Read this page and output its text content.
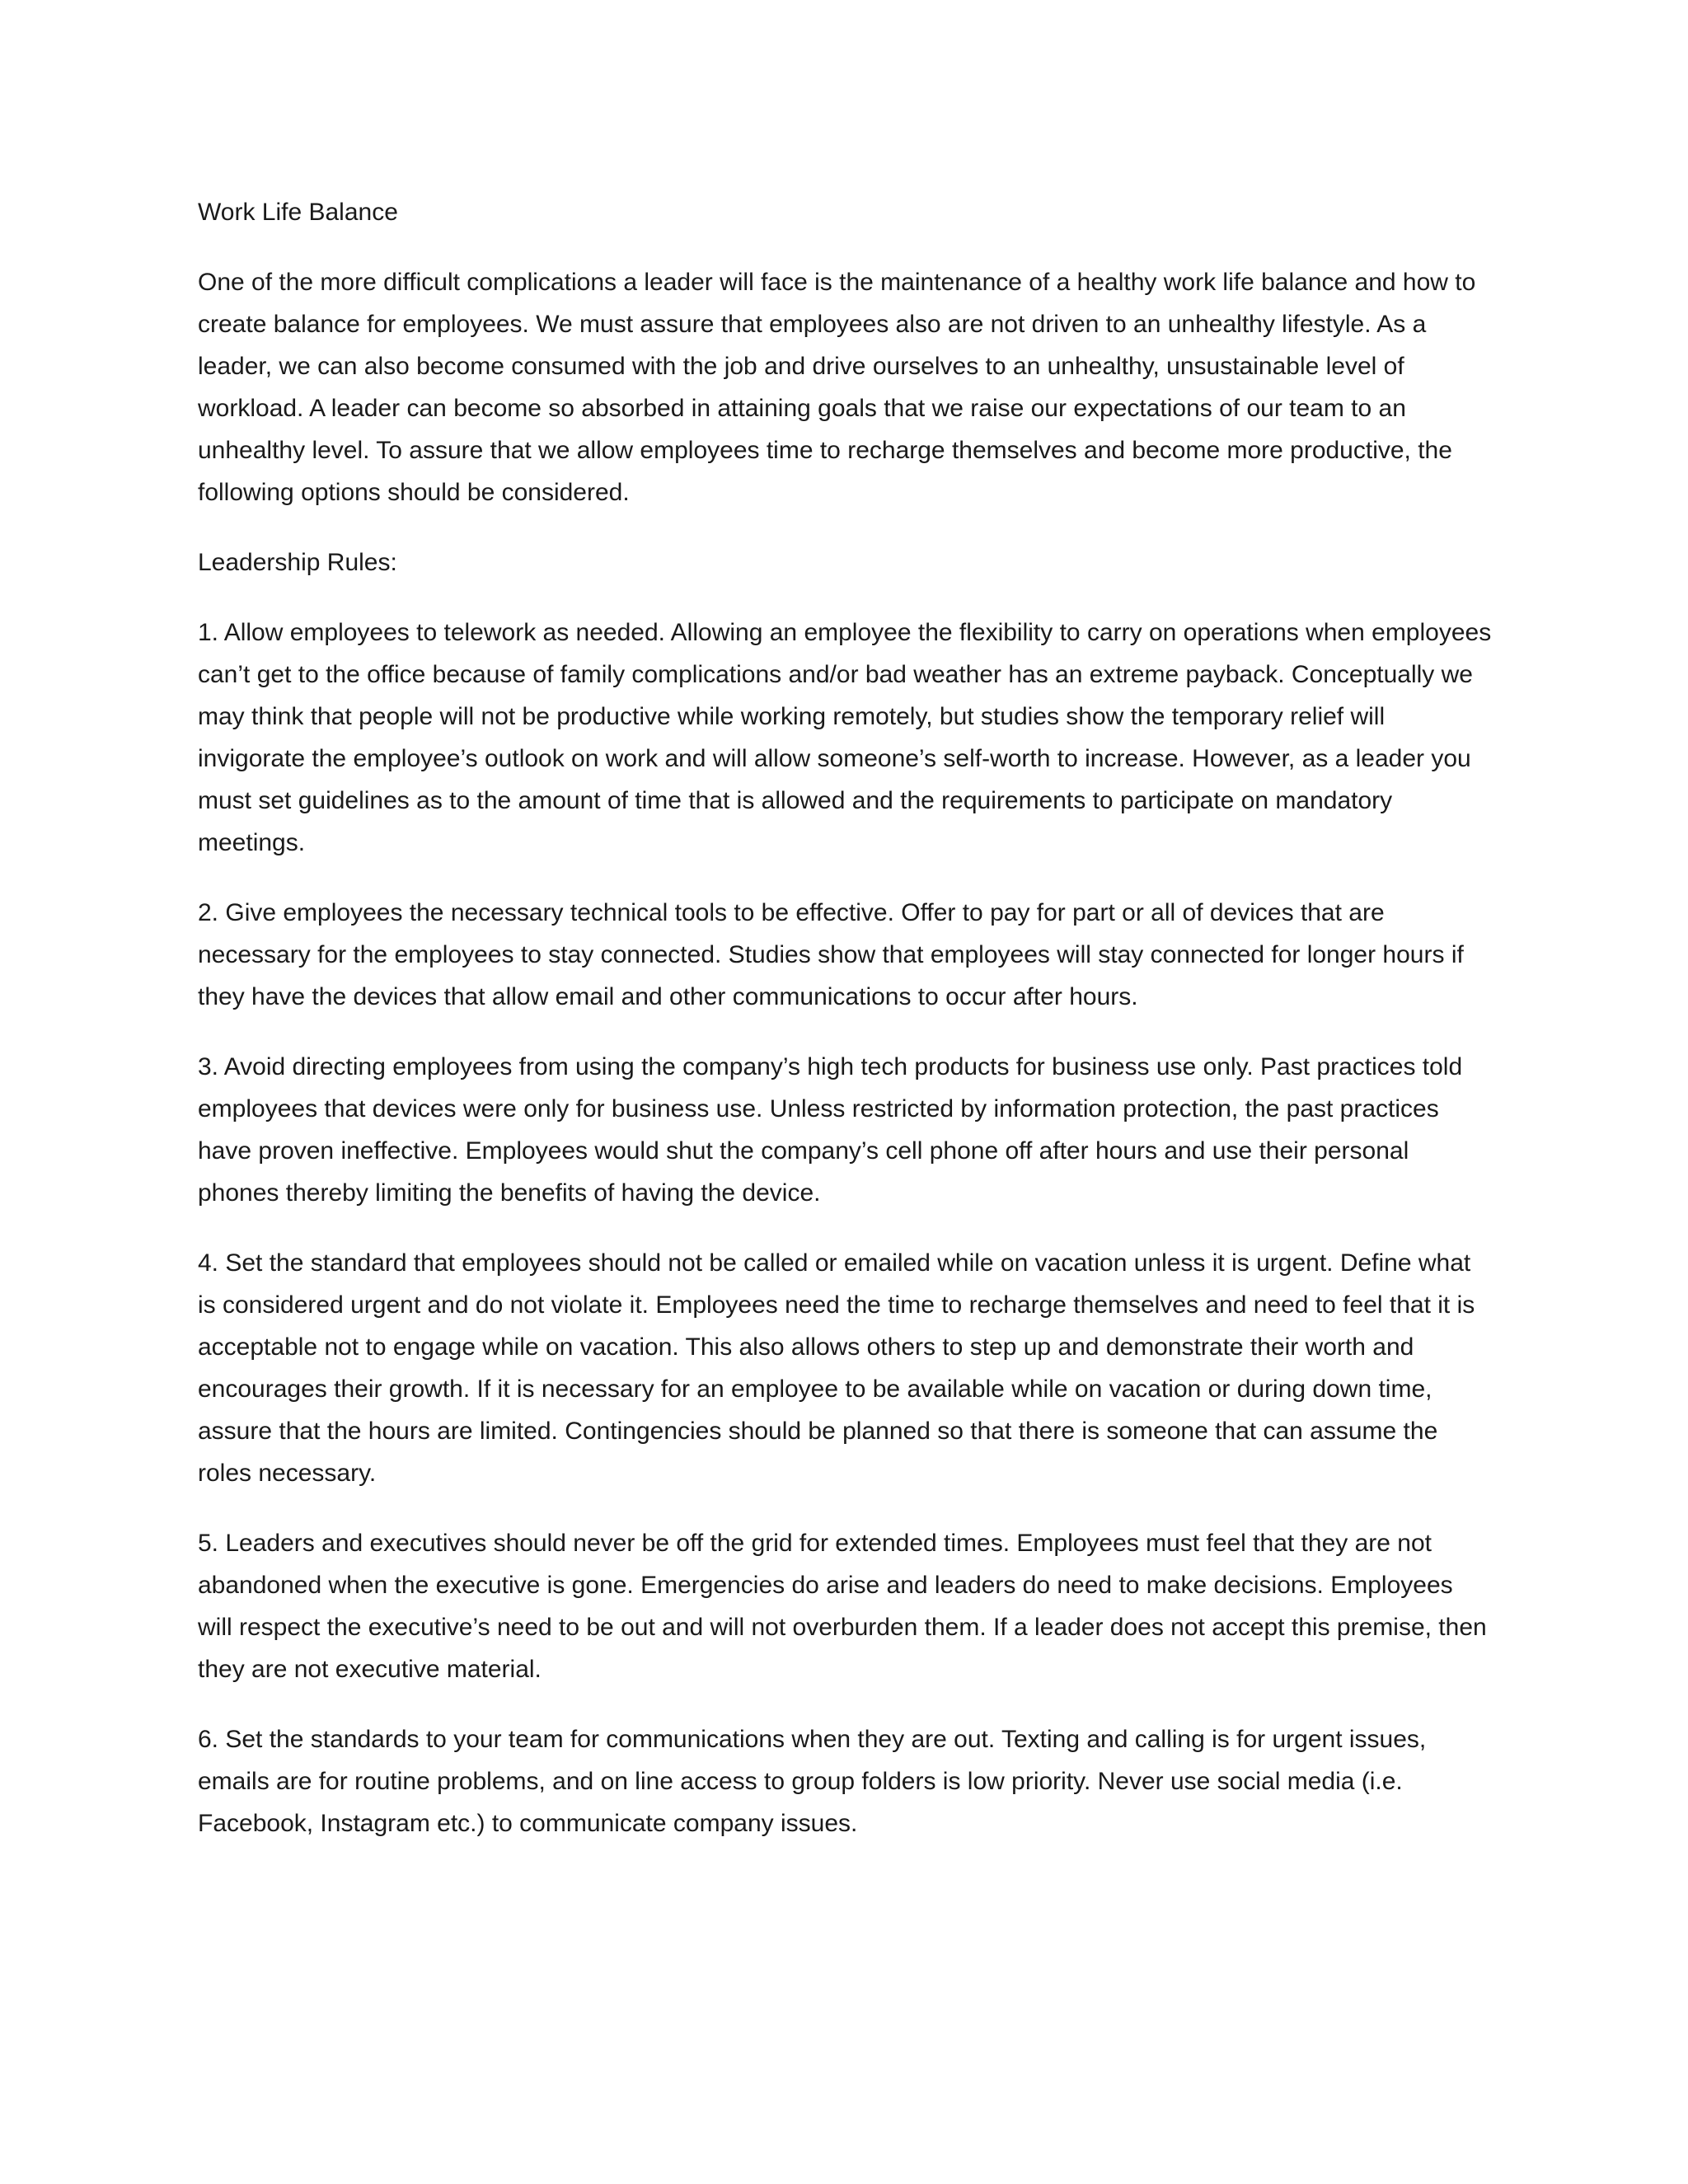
Work Life Balance

One of the more difficult complications a leader will face is the maintenance of a healthy work life balance and how to create balance for employees. We must assure that employees also are not driven to an unhealthy lifestyle. As a leader, we can also become consumed with the job and drive ourselves to an unhealthy, unsustainable level of workload. A leader can become so absorbed in attaining goals that we raise our expectations of our team to an unhealthy level. To assure that we allow employees time to recharge themselves and become more productive, the following options should be considered.

Leadership Rules:

1. Allow employees to telework as needed. Allowing an employee the flexibility to carry on operations when employees can’t get to the office because of family complications and/or bad weather has an extreme payback. Conceptually we may think that people will not be productive while working remotely, but studies show the temporary relief will invigorate the employee’s outlook on work and will allow someone’s self-worth to increase. However, as a leader you must set guidelines as to the amount of time that is allowed and the requirements to participate on mandatory meetings.

2. Give employees the necessary technical tools to be effective. Offer to pay for part or all of devices that are necessary for the employees to stay connected. Studies show that employees will stay connected for longer hours if they have the devices that allow email and other communications to occur after hours.

3. Avoid directing employees from using the company’s high tech products for business use only. Past practices told employees that devices were only for business use. Unless restricted by information protection, the past practices have proven ineffective. Employees would shut the company’s cell phone off after hours and use their personal phones thereby limiting the benefits of having the device.

4. Set the standard that employees should not be called or emailed while on vacation unless it is urgent. Define what is considered urgent and do not violate it. Employees need the time to recharge themselves and need to feel that it is acceptable not to engage while on vacation. This also allows others to step up and demonstrate their worth and encourages their growth. If it is necessary for an employee to be available while on vacation or during down time, assure that the hours are limited. Contingencies should be planned so that there is someone that can assume the roles necessary.

5. Leaders and executives should never be off the grid for extended times. Employees must feel that they are not abandoned when the executive is gone. Emergencies do arise and leaders do need to make decisions. Employees will respect the executive’s need to be out and will not overburden them. If a leader does not accept this premise, then they are not executive material.

6. Set the standards to your team for communications when they are out. Texting and calling is for urgent issues, emails are for routine problems, and on line access to group folders is low priority. Never use social media (i.e. Facebook, Instagram etc.) to communicate company issues.
